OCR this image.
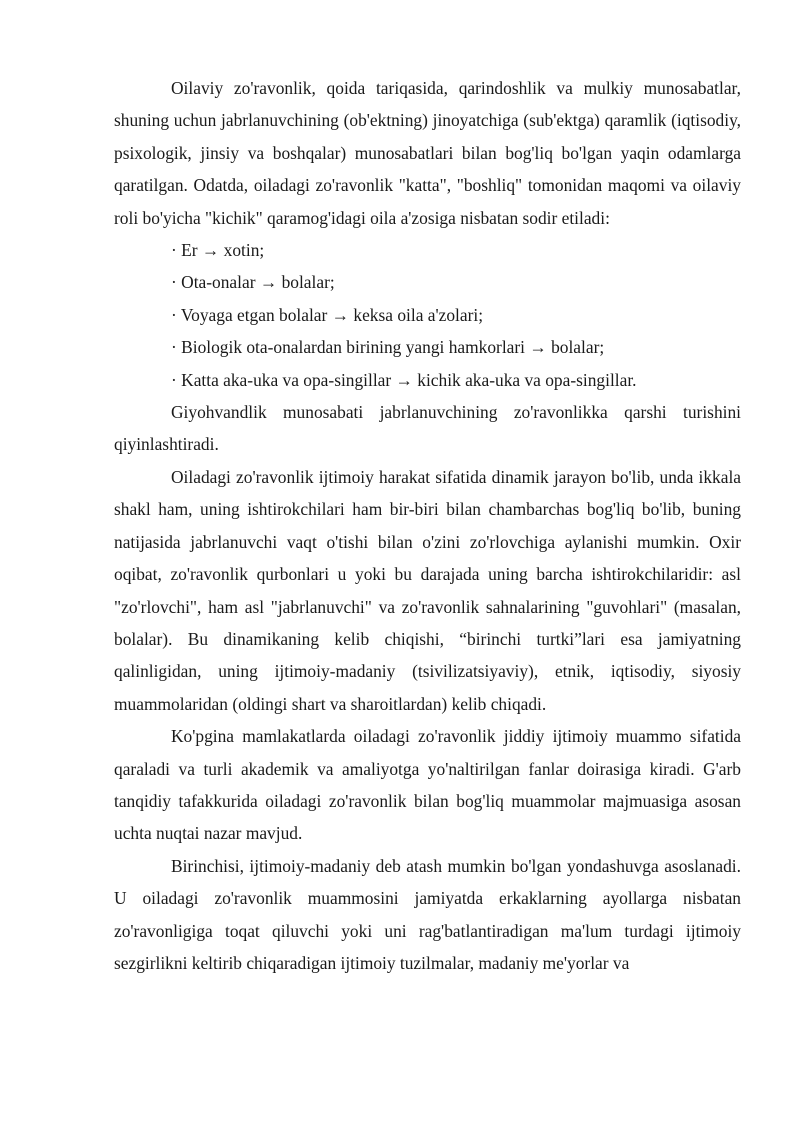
Oilaviy zo'ravonlik, qoida tariqasida, qarindoshlik va mulkiy munosabatlar, shuning uchun jabrlanuvchining (ob'ektning) jinoyatchiga (sub'ektga) qaramlik (iqtisodiy, psixologik, jinsiy va boshqalar) munosabatlari bilan bog'liq bo'lgan yaqin odamlarga qaratilgan. Odatda, oiladagi zo'ravonlik "katta", "boshliq" tomonidan maqomi va oilaviy roli bo'yicha "kichik" qaramog'idagi oila a'zosiga nisbatan sodir etiladi:

· Er → xotin;
· Ota-onalar → bolalar;
· Voyaga etgan bolalar → keksa oila a'zolari;
· Biologik ota-onalardan birining yangi hamkorlari → bolalar;
· Katta aka-uka va opa-singillar → kichik aka-uka va opa-singillar.

Giyohvandlik munosabati jabrlanuvchining zo'ravonlikka qarshi turishini qiyinlashtiradi.

Oiladagi zo'ravonlik ijtimoiy harakat sifatida dinamik jarayon bo'lib, unda ikkala shakl ham, uning ishtirokchilari ham bir-biri bilan chambarchas bog'liq bo'lib, buning natijasida jabrlanuvchi vaqt o'tishi bilan o'zini zo'rlovchiga aylanishi mumkin. Oxir oqibat, zo'ravonlik qurbonlari u yoki bu darajada uning barcha ishtirokchilaridir: asl "zo'rlovchi", ham asl "jabrlanuvchi" va zo'ravonlik sahnalarining "guvohlari" (masalan, bolalar). Bu dinamikaning kelib chiqishi, “birinchi turtki”lari esa jamiyatning qalinligidan, uning ijtimoiy-madaniy (tsivilizatsiyaviy), etnik, iqtisodiy, siyosiy muammolaridan (oldingi shart va sharoitlardan) kelib chiqadi.

Ko'pgina mamlakatlarda oiladagi zo'ravonlik jiddiy ijtimoiy muammo sifatida qaraladi va turli akademik va amaliyotga yo'naltirilgan fanlar doirasiga kiradi. G'arb tanqidiy tafakkurida oiladagi zo'ravonlik bilan bog'liq muammolar majmuasiga asosan uchta nuqtai nazar mavjud.

Birinchisi, ijtimoiy-madaniy deb atash mumkin bo'lgan yondashuvga asoslanadi. U oiladagi zo'ravonlik muammosini jamiyatda erkaklarning ayollarga nisbatan zo'ravonligiga toqat qiluvchi yoki uni rag'batlantiradigan ma'lum turdagi ijtimoiy sezgirlikni keltirib chiqaradigan ijtimoiy tuzilmalar, madaniy me'yorlar va
